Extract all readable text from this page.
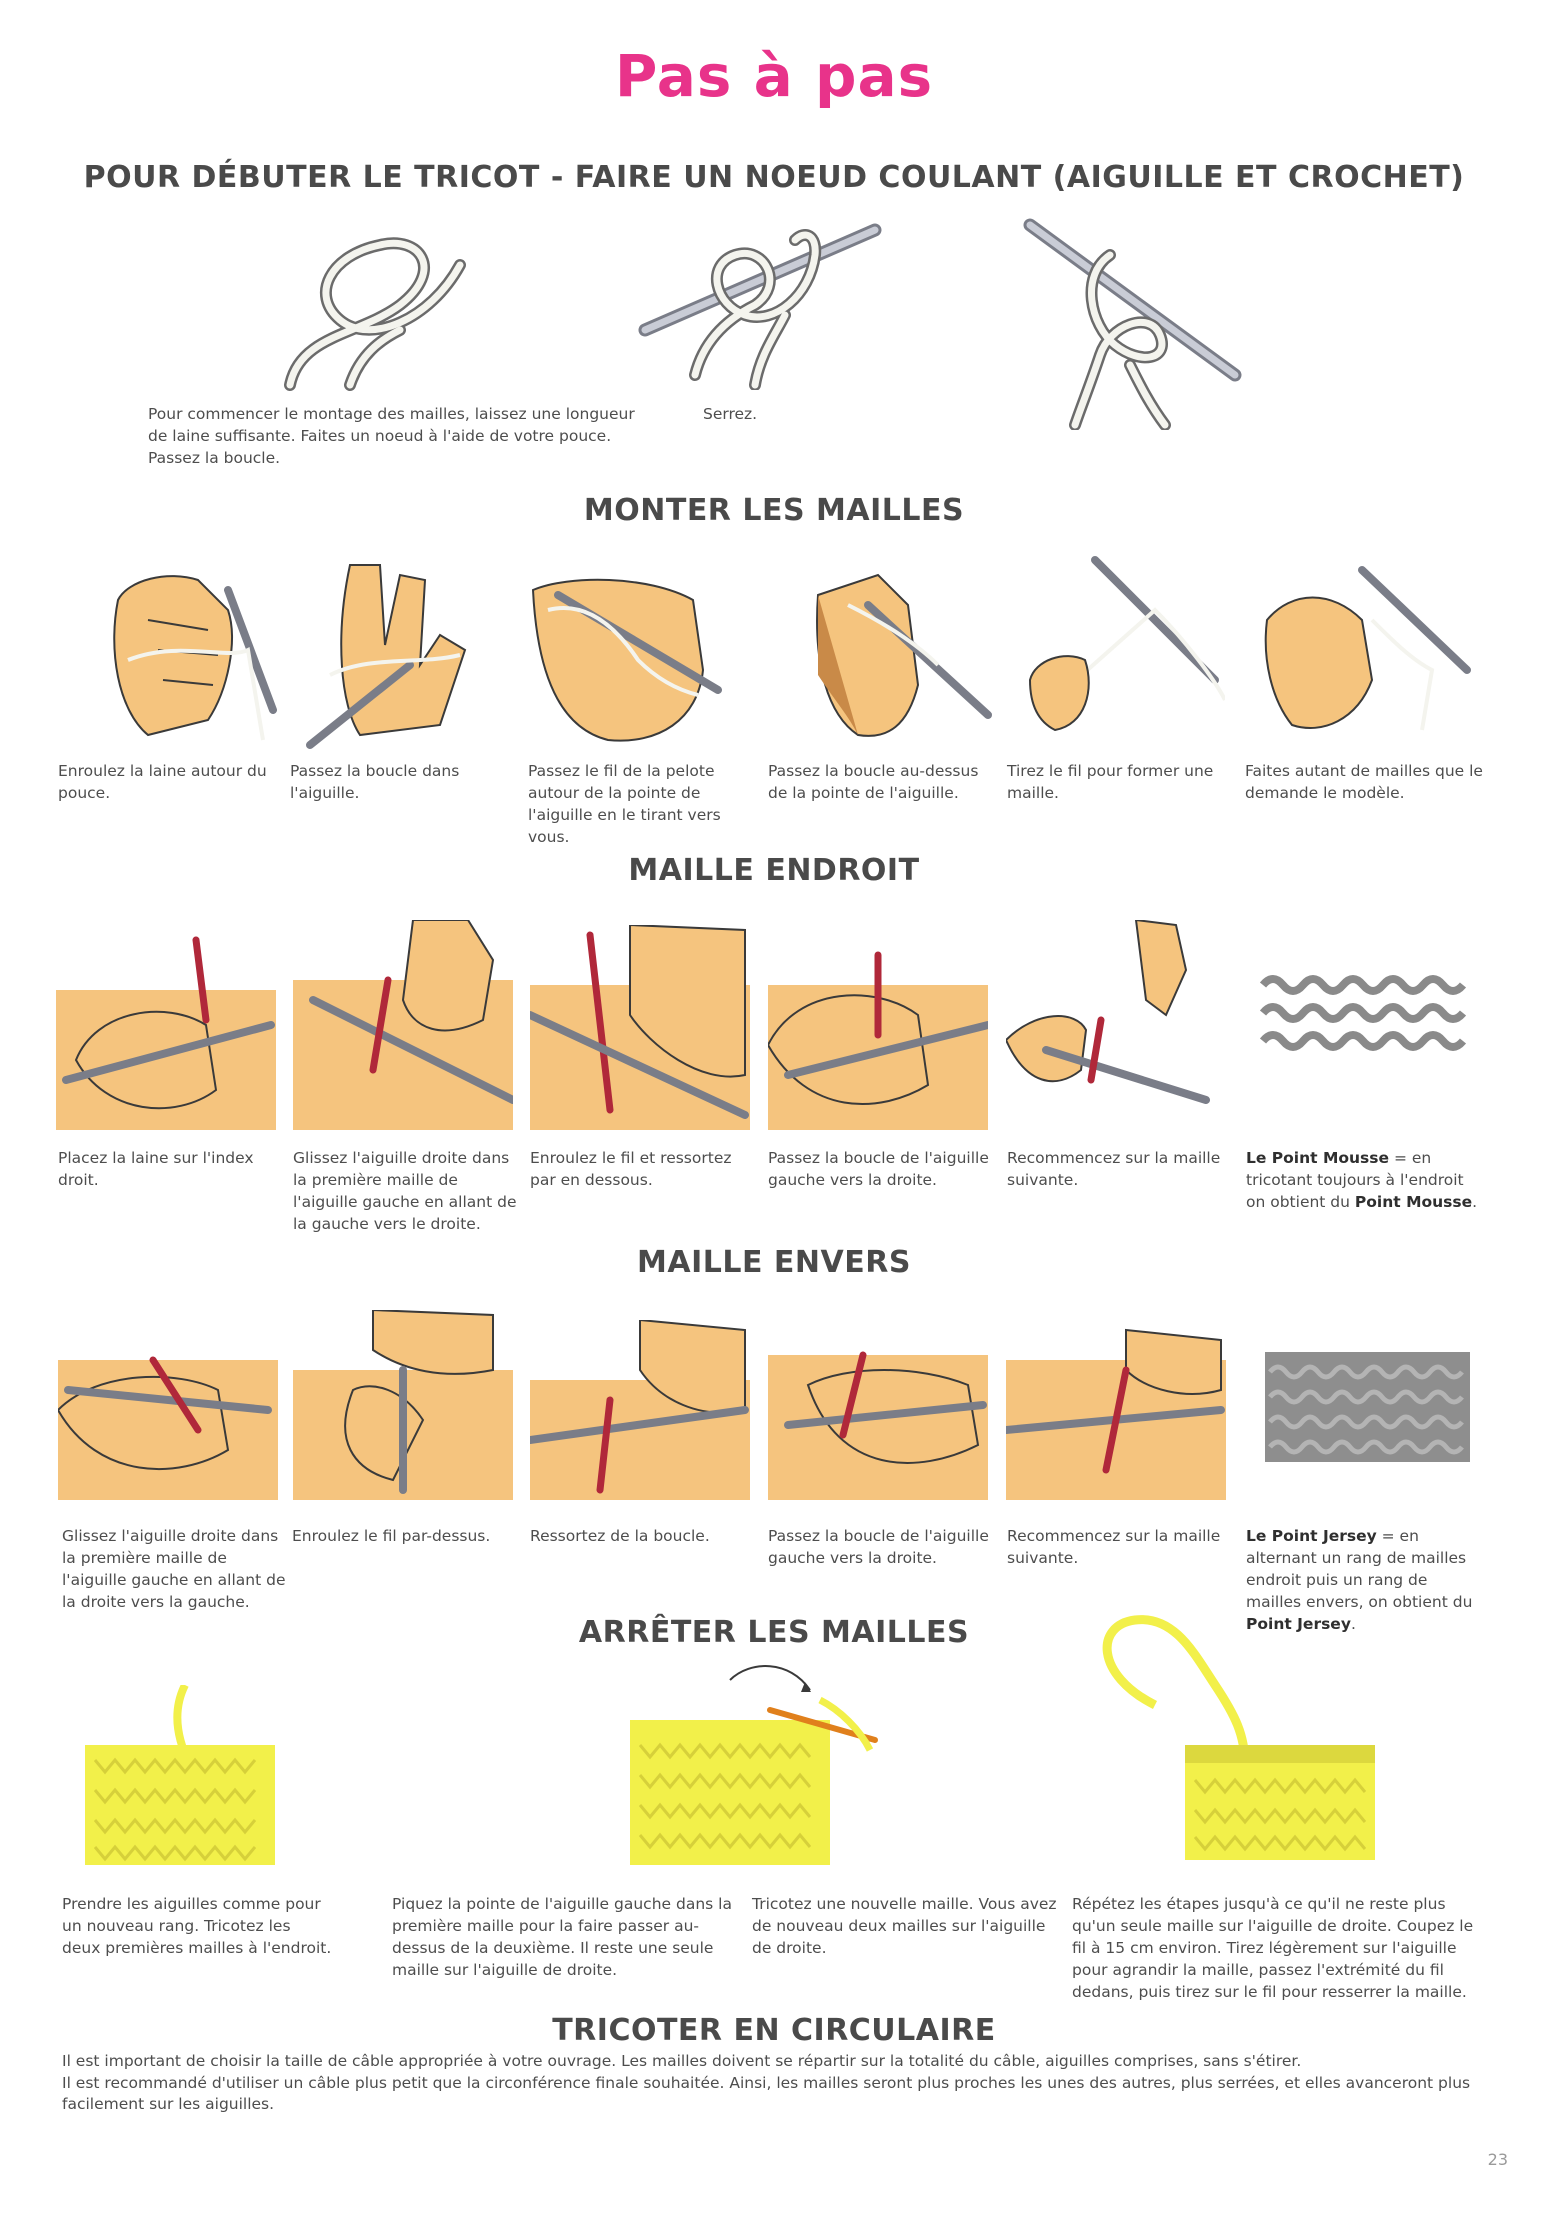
Pas à pas
POUR DÉBUTER LE TRICOT - FAIRE UN NOEUD COULANT (AIGUILLE ET CROCHET)
Pour commencer le montage des mailles, laissez une longueur de laine suffisante. Faites un noeud à l'aide de votre pouce. Passez la boucle.
Serrez.
MONTER LES MAILLES
Enroulez la laine autour du pouce.
Passez la boucle dans l'aiguille.
Passez le fil de la pelote autour de la pointe de l'aiguille en le tirant vers vous.
Passez la boucle au-dessus de la pointe de l'aiguille.
Tirez le fil pour former une maille.
Faites autant de mailles que le demande le modèle.
MAILLE ENDROIT
Placez la laine sur l'index droit.
Glissez l'aiguille droite dans la première maille de l'aiguille gauche en allant de la gauche vers le droite.
Enroulez le fil et ressortez par en dessous.
Passez la boucle de l'aiguille gauche vers la droite.
Recommencez sur la maille suivante.
Le Point Mousse = en tricotant toujours à l'endroit on obtient du Point Mousse.
MAILLE ENVERS
Glissez l'aiguille droite dans la première maille de l'aiguille gauche en allant de la droite vers la gauche.
Enroulez le fil par-dessus.	Ressortez de la boucle.	Passez la boucle de l'aiguille gauche vers la droite.
Recommencez sur la maille suivante.
Le Point Jersey = en alternant un rang de mailles endroit puis un rang de mailles envers, on obtient du Point Jersey.
ARRÊTER LES MAILLES
Prendre les aiguilles comme pour un nouveau rang. Tricotez les deux premières mailles à l'endroit.
Piquez la pointe de l'aiguille gauche dans la première maille pour la faire passer au-dessus de la deuxième. Il reste une seule maille sur l'aiguille de droite.
Tricotez une nouvelle maille. Vous avez de nouveau deux mailles sur l'aiguille de droite.
Répétez les étapes jusqu'à ce qu'il ne reste plus qu'un seule maille sur l'aiguille de droite. Coupez le fil à 15 cm environ. Tirez légèrement sur l'aiguille pour agrandir la maille, passez l'extrémité du fil dedans, puis tirez sur le fil pour resserrer la maille.
TRICOTER EN CIRCULAIRE
Il est important de choisir la taille de câble appropriée à votre ouvrage. Les mailles doivent se répartir sur la totalité du câble, aiguilles comprises, sans s'étirer.
Il est recommandé d'utiliser un câble plus petit que la circonférence finale souhaitée. Ainsi, les mailles seront plus proches les unes des autres, plus serrées, et elles avanceront plus facilement sur les aiguilles.
23
